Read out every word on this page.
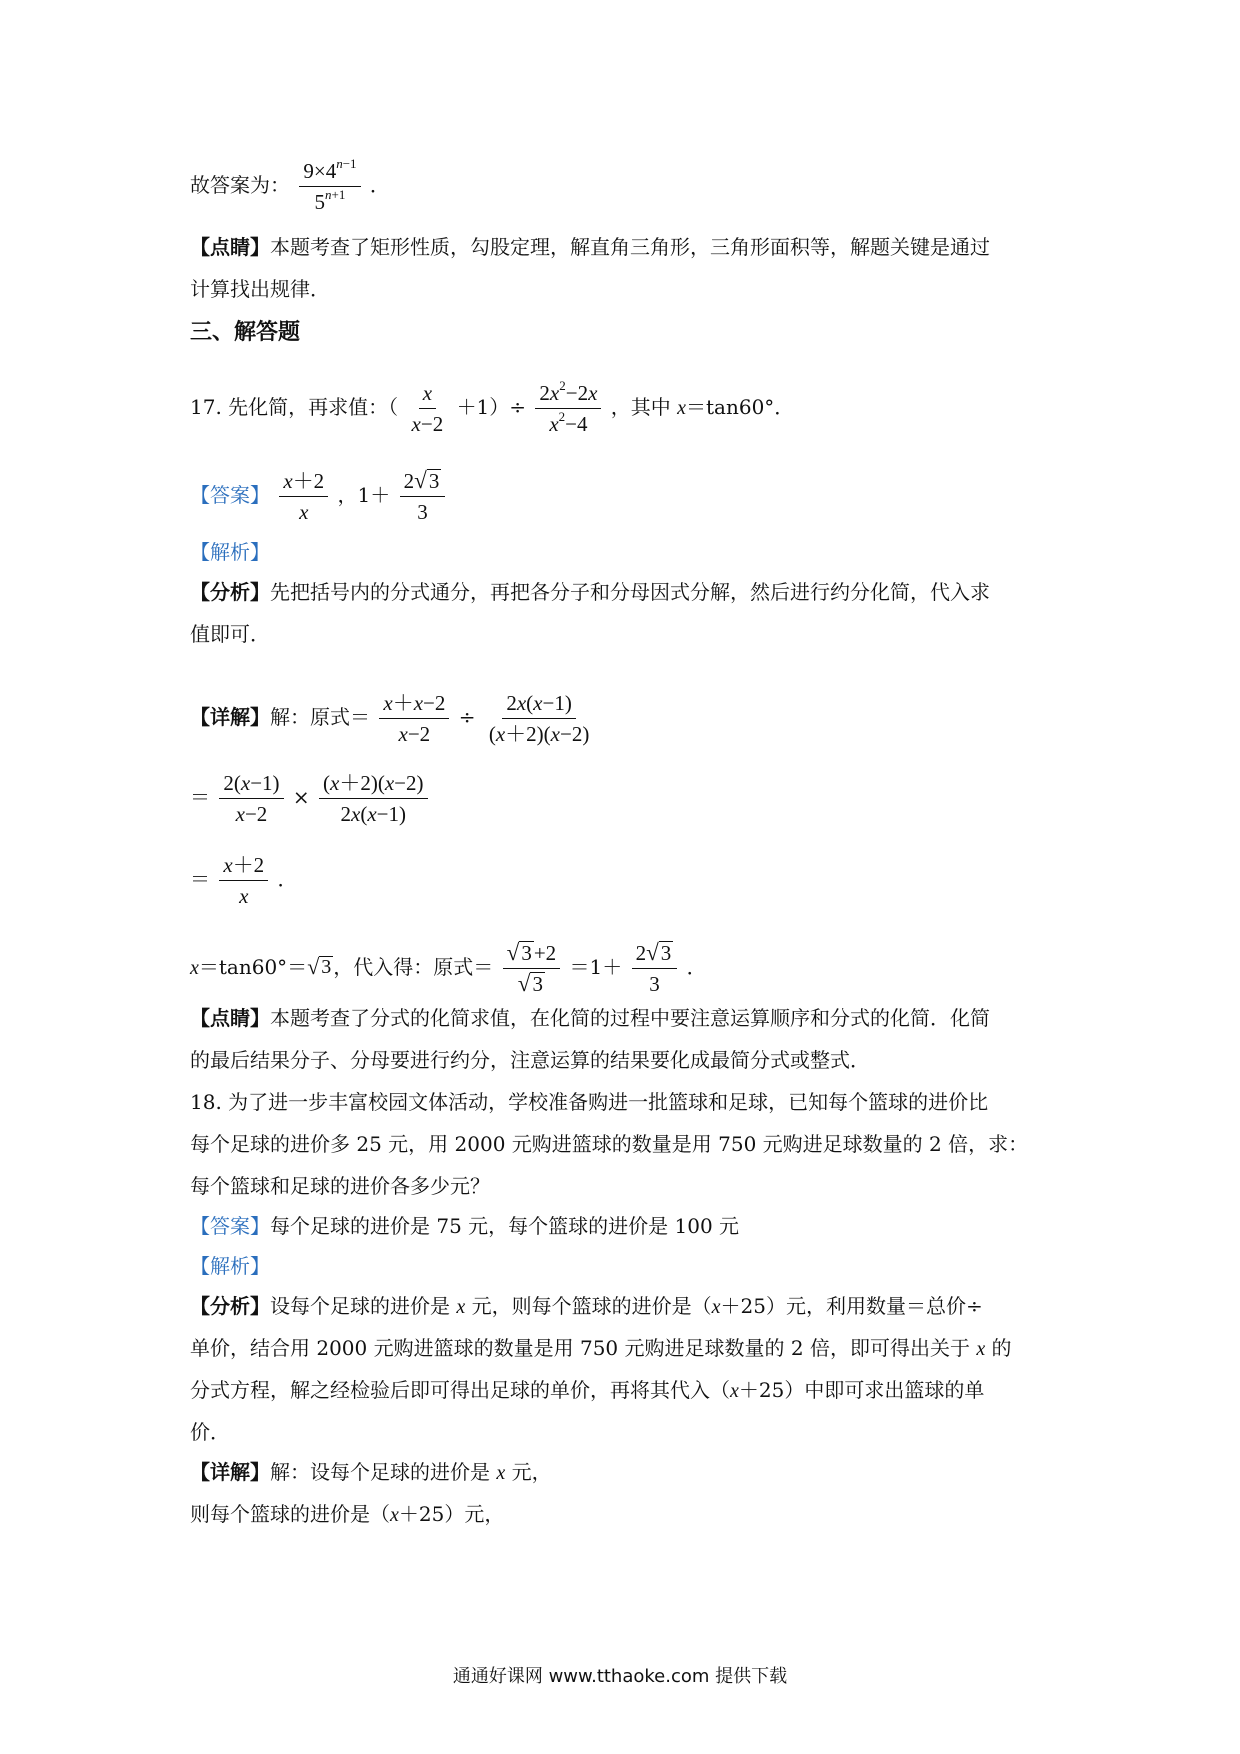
故答案为： $\frac{9\times 4^{n-1}}{5^{n+1}}$ ．
【点睛】本题考查了矩形性质，勾股定理，解直角三角形，三角形面积等，解题关键是通过
计算找出规律．
三、解答题
17. 先化简，再求值：（ $\frac{x}{x-2} +1)\div \frac{2x^2-2x}{x^2-4}$ ，其中 x＝tan60°．
【答案】 $\frac{x+2}{x}$ ，$1+ \frac{2 √ 3}{3}$
【解析】
【分析】先把括号内的分式通分，再把各分子和分母因式分解，然后进行约分化简，代入求
值即可．
【详解】解：原式＝ $\frac{x+x-2}{x-2} \div \frac{2x(x-1)}{(x+2)(x-2)}$
＝ $\frac{2(x-1)}{x-2} \times \frac{(x+2)(x-2)}{2x(x-1)}$
＝ $\frac{x+2}{x}$ ．
x＝tan60°＝ √ 3 ，代入得：原式＝ $\frac{√ 3 +2}{√ 3} =1+ \frac{2 √ 3}{3}$ ．
【点睛】本题考查了分式的化简求值，在化简的过程中要注意运算顺序和分式的化简．化简
的最后结果分子、分母要进行约分，注意运算的结果要化成最简分式或整式．
18. 为了进一步丰富校园文体活动，学校准备购进一批篮球和足球，已知每个篮球的进价比
每个足球的进价多 25 元，用 2000 元购进篮球的数量是用 750 元购进足球数量的 2 倍，求：
每个篮球和足球的进价各多少元？
【答案】每个足球的进价是 75 元，每个篮球的进价是 100 元
【解析】
【分析】设每个足球的进价是 x 元，则每个篮球的进价是（x＋25）元，利用数量＝总价÷
单价，结合用 2000 元购进篮球的数量是用 750 元购进足球数量的 2 倍，即可得出关于 x 的
分式方程，解之经检验后即可得出足球的单价，再将其代入（x＋25）中即可求出篮球的单
价．
【详解】解：设每个足球的进价是 x 元，
则每个篮球的进价是（x＋25）元，
通通好课网 www.tthaoke.com 提供下载
